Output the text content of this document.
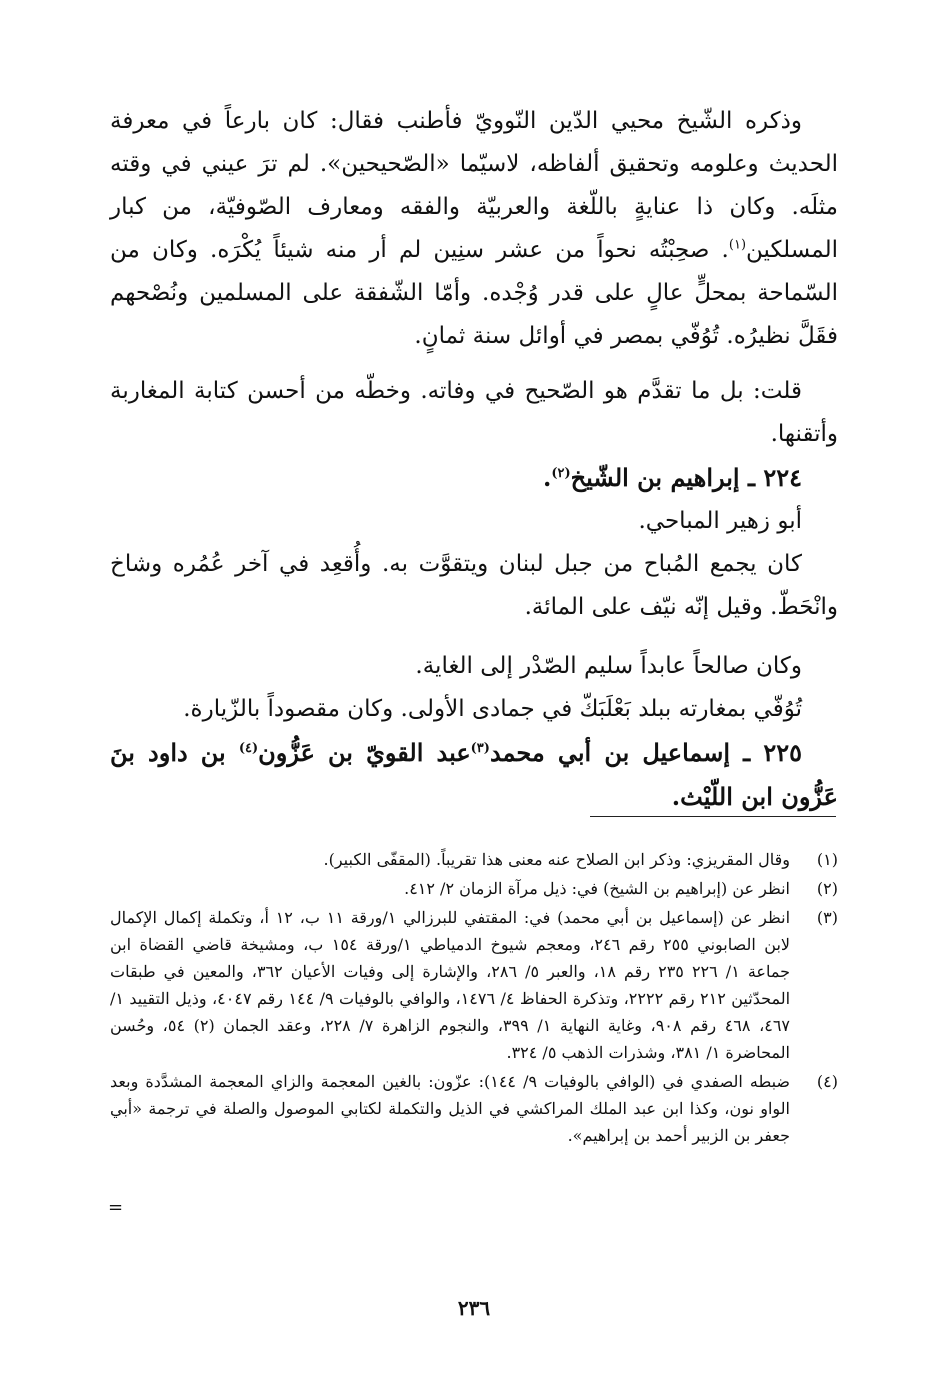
وذكره الشّيخ محيي الدّين النّوويّ فأطنب فقال: كان بارعاً في معرفة الحديث وعلومه وتحقيق ألفاظه، لاسيّما «الصّحيحين». لم ترَ عيني في وقته مثلَه. وكان ذا عنايةٍ باللّغة والعربيّة والفقه ومعارف الصّوفيّة، من كبار المسلكين$^{(١)}$. صحِبْتُه نحواً من عشر سنِين لم أر منه شيئاً يُكْرَه. وكان من السّماحة بمحلٍّ عالٍ على قدر وُجْده. وأمّا الشّفقة على المسلمين ونُصْحهم فقَلَّ نظيرُه. تُوُفّي بمصر في أوائل سنة ثمانٍ.

قلت: بل ما تقدَّم هو الصّحيح في وفاته. وخطّه من أحسن كتابة المغاربة وأتقنها.

٢٢٤ ـ إبراهيم بن الشّيخ$^{(٢)}$.

أبو زهير المباحي.

كان يجمع المُباح من جبل لبنان ويتقوَّت به. وأُقعِد في آخر عُمُره وشاخ وانْحَطّ. وقيل إنّه نيّف على المائة.

وكان صالحاً عابداً سليم الصّدْر إلى الغاية.

تُوُفّي بمغارته ببلد بَعْلَبَكّ في جمادى الأولى. وكان مقصوداً بالزّيارة.

٢٢٥ ـ إسماعيل بن أبي محمد$^{(٣)}$عبد القويّ بن عَزُّون$^{(٤)}$ بن داود بنَ عَزُّون ابن اللّيْث.

(١)
وقال المقريزي: وذكر ابن الصلاح عنه معنى هذا تقريباً. (المقفّى الكبير).
(٢)
انظر عن (إبراهيم بن الشيخ) في: ذيل مرآة الزمان ٢/ ٤١٢.
(٣)
انظر عن (إسماعيل بن أبي محمد) في: المقتفي للبرزالي ١/ورقة ١١ ب، ١٢ أ، وتكملة إكمال الإكمال لابن الصابوني ٢٥٥ رقم ٢٤٦، ومعجم شيوخ الدمياطي ١/ورقة ١٥٤ ب، ومشيخة قاضي القضاة ابن جماعة ١/ ٢٢٦ ٢٣٥ رقم ١٨، والعبر ٥/ ٢٨٦، والإشارة إلى وفيات الأعيان ٣٦٢، والمعين في طبقات المحدّثين ٢١٢ رقم ٢٢٢٢، وتذكرة الحفاظ ٤/ ١٤٧٦، والوافي بالوفيات ٩/ ١٤٤ رقم ٤٠٤٧، وذيل التقييد ١/ ٤٦٧، ٤٦٨ رقم ٩٠٨، وغاية النهاية ١/ ٣٩٩، والنجوم الزاهرة ٧/ ٢٢٨، وعقد الجمان (٢) ٥٤، وحُسن المحاضرة ١/ ٣٨١، وشذرات الذهب ٥/ ٣٢٤.
(٤)
ضبطه الصفدي في (الوافي بالوفيات ٩/ ١٤٤): عزّون: بالغين المعجمة والزاي المعجمة المشدَّدة وبعد الواو نون، وكذا ابن عبد الملك المراكشي في الذيل والتكملة لكتابي الموصول والصلة في ترجمة «أبي جعفر بن الزبير أحمد بن إبراهيم».
=
٢٣٦
